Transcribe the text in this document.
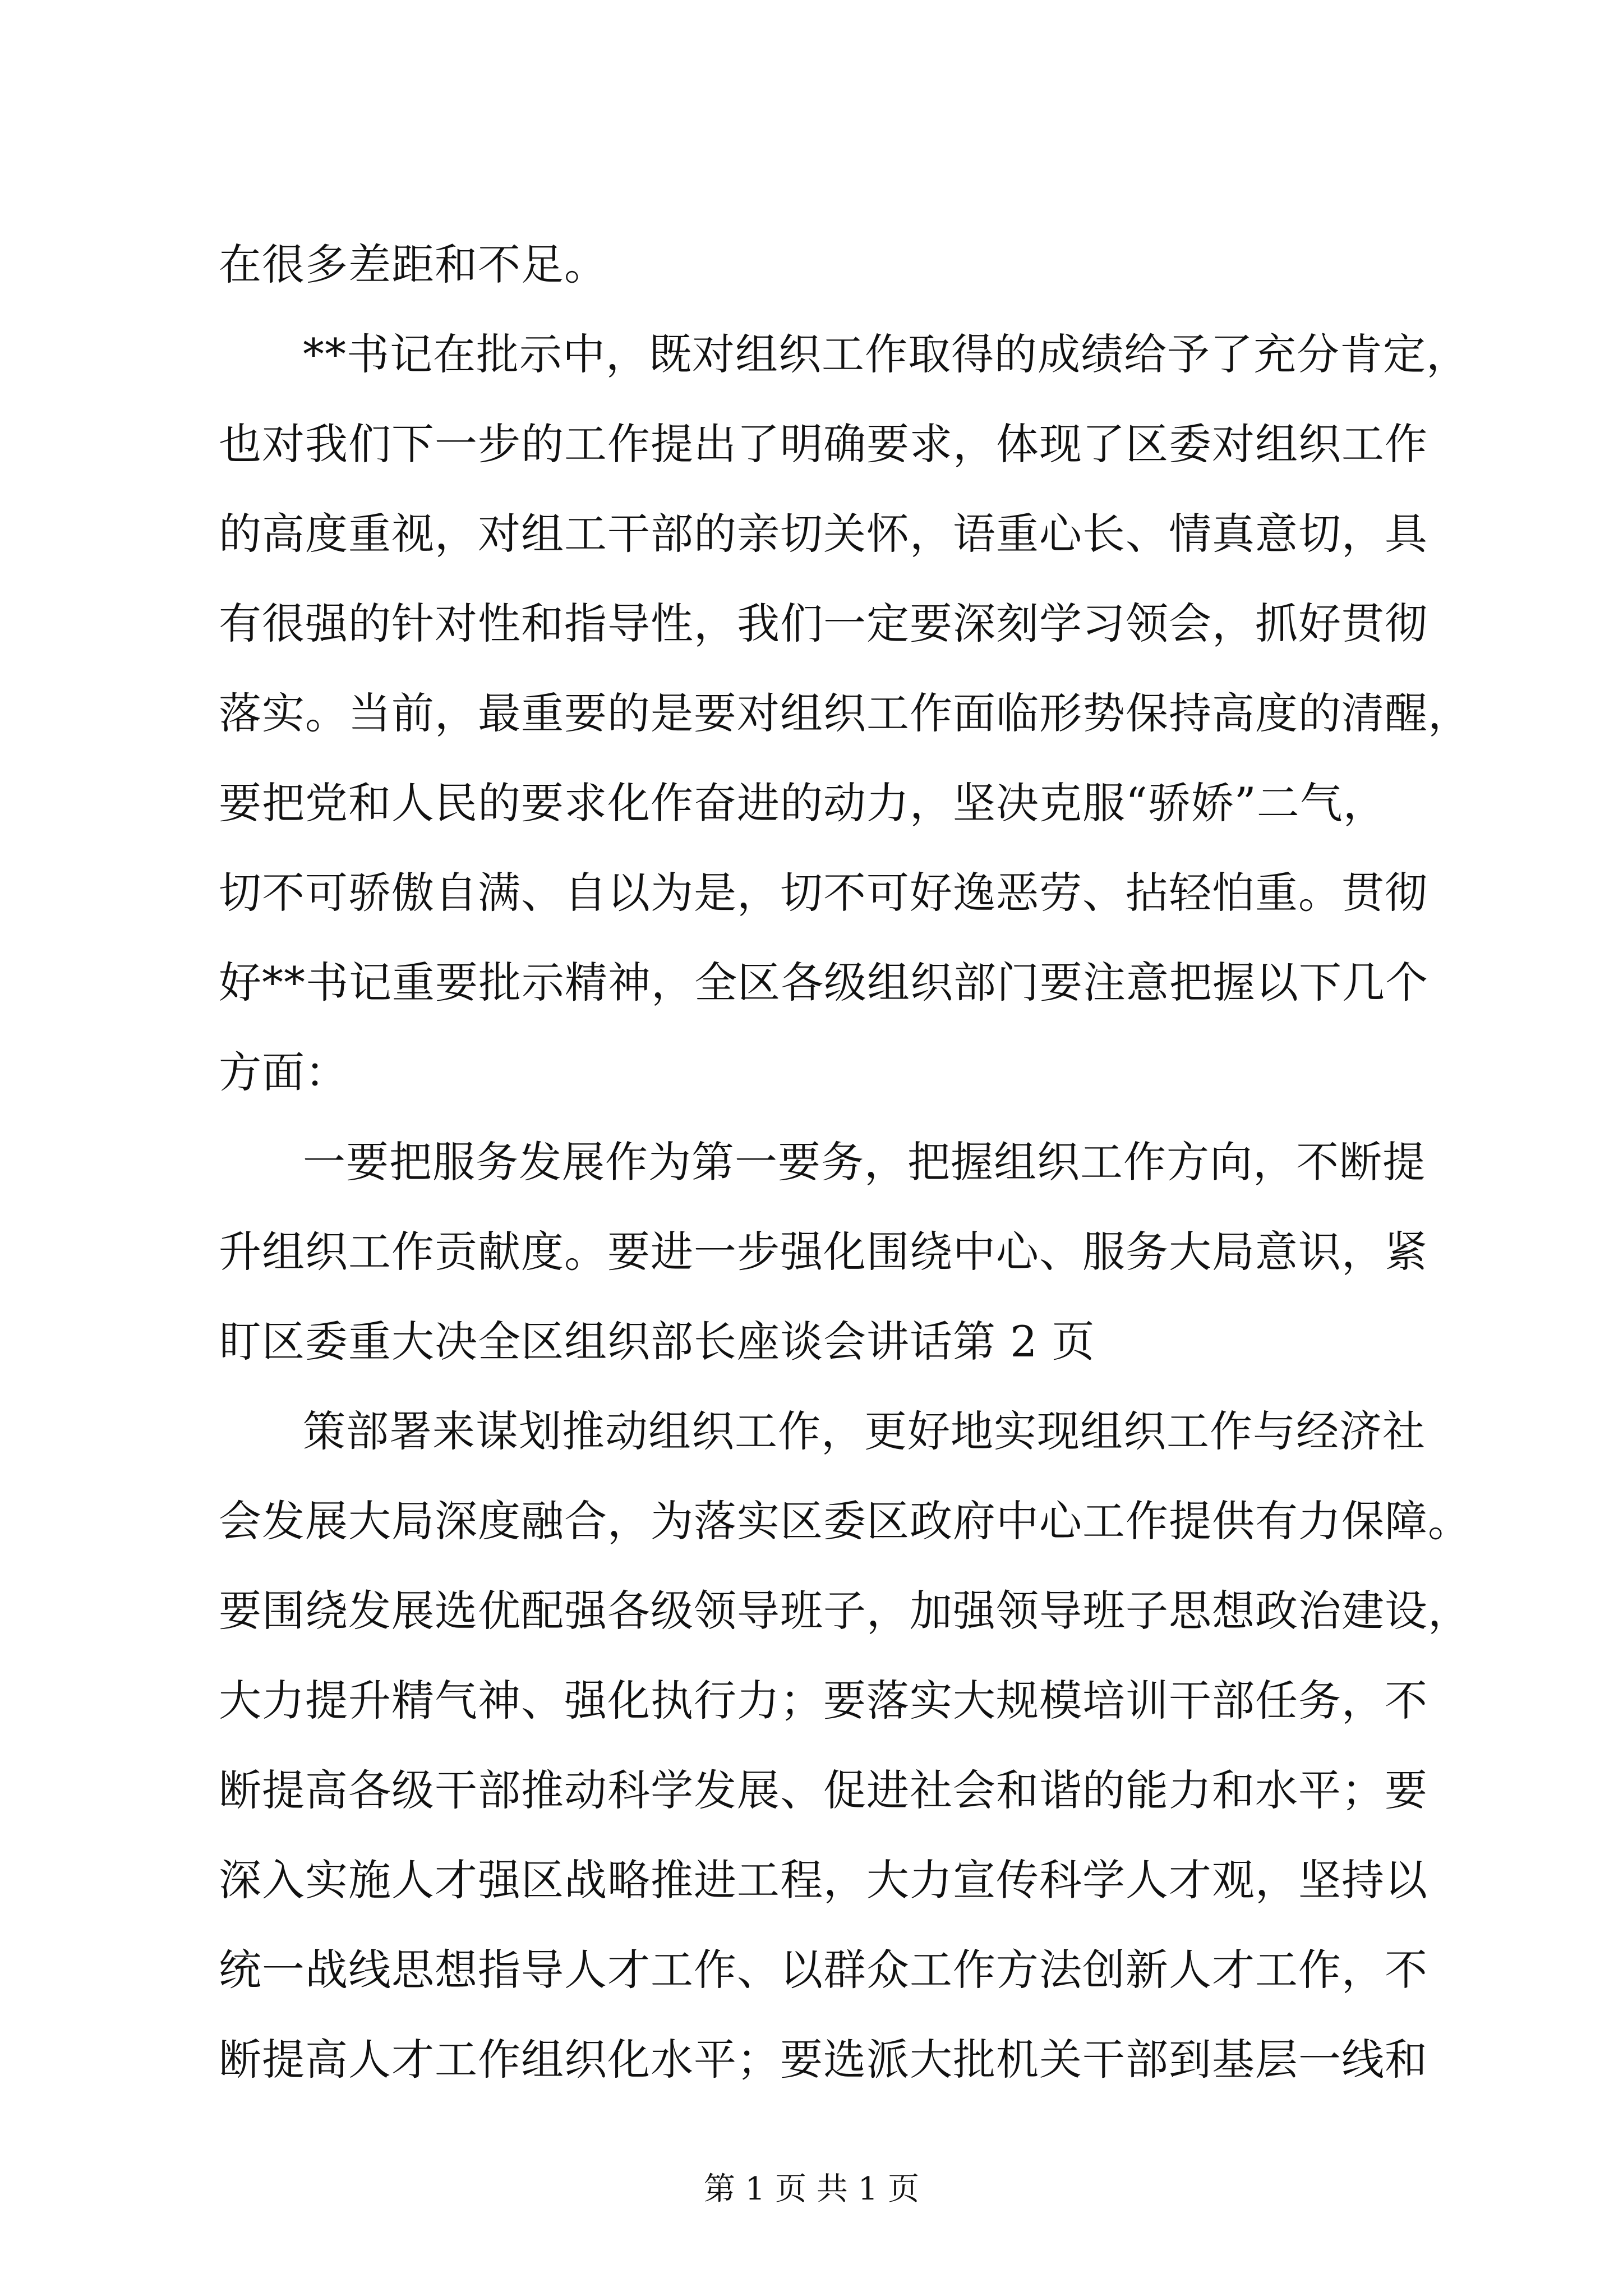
在很多差距和不足。
**书记在批示中，既对组织工作取得的成绩给予了充分肯定，
也对我们下一步的工作提出了明确要求，体现了区委对组织工作
的高度重视，对组工干部的亲切关怀，语重心长、情真意切，具
有很强的针对性和指导性，我们一定要深刻学习领会，抓好贯彻
落实。当前，最重要的是要对组织工作面临形势保持高度的清醒，
要把党和人民的要求化作奋进的动力，坚决克服“骄娇”二气，
切不可骄傲自满、自以为是，切不可好逸恶劳、拈轻怕重。贯彻
好**书记重要批示精神，全区各级组织部门要注意把握以下几个
方面：
一要把服务发展作为第一要务，把握组织工作方向，不断提
升组织工作贡献度。要进一步强化围绕中心、服务大局意识，紧
盯区委重大决全区组织部长座谈会讲话第 2 页
策部署来谋划推动组织工作，更好地实现组织工作与经济社
会发展大局深度融合，为落实区委区政府中心工作提供有力保障。
要围绕发展选优配强各级领导班子，加强领导班子思想政治建设，
大力提升精气神、强化执行力；要落实大规模培训干部任务，不
断提高各级干部推动科学发展、促进社会和谐的能力和水平；要
深入实施人才强区战略推进工程，大力宣传科学人才观，坚持以
统一战线思想指导人才工作、以群众工作方法创新人才工作，不
断提高人才工作组织化水平；要选派大批机关干部到基层一线和
第 1 页 共 1 页
